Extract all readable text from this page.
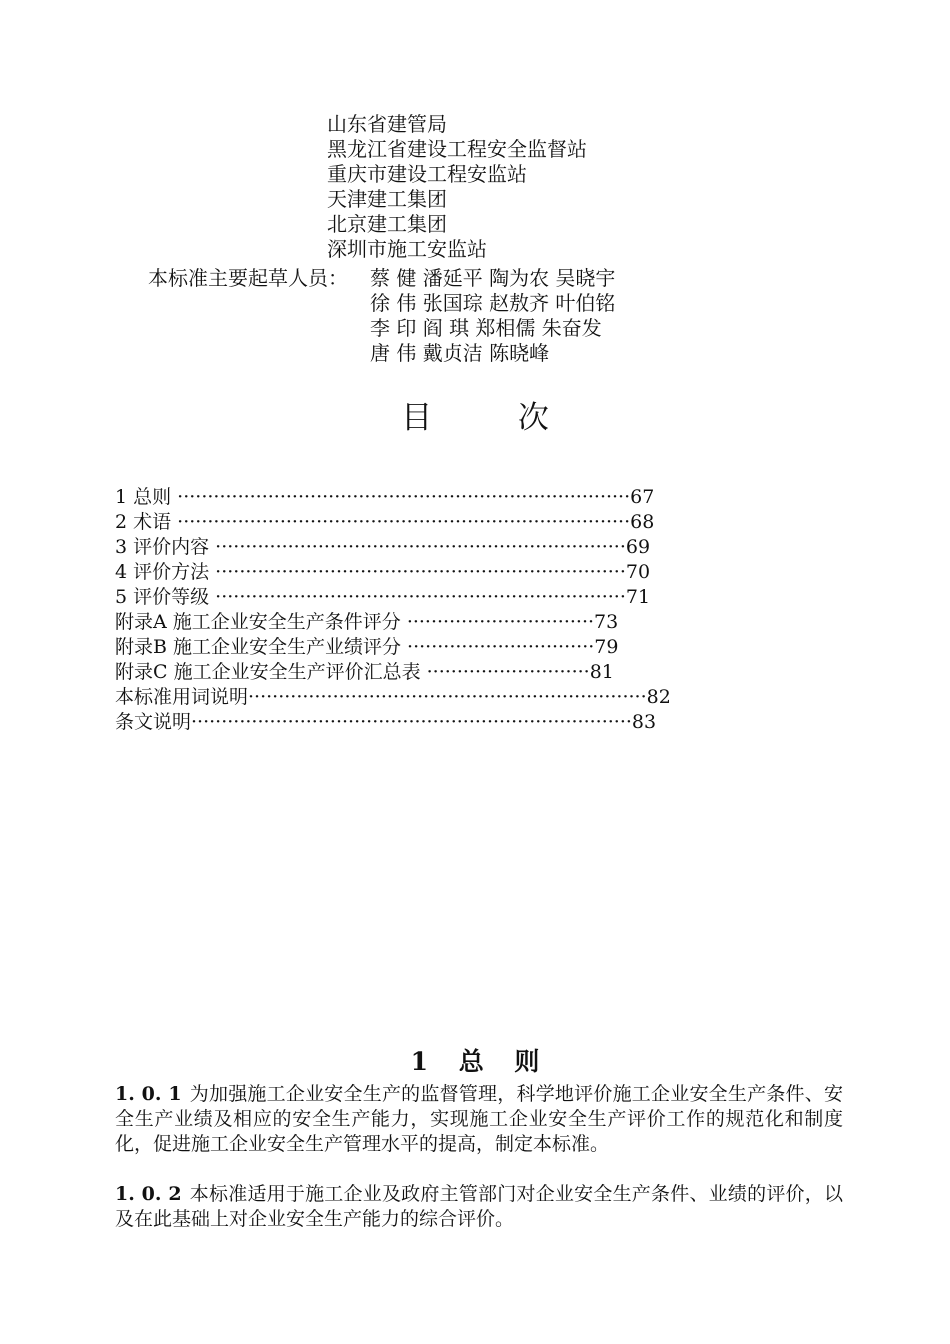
山东省建管局
黑龙江省建设工程安全监督站
重庆市建设工程安监站
天津建工集团
北京建工集团
深圳市施工安监站
本标准主要起草人员： 蔡 健 潘延平 陶为农 吴晓宇
徐 伟 张国琮 赵敖齐 叶伯铭
李 印 阎 琪 郑相儒 朱奋发
唐 伟 戴贞洁 陈晓峰
目 次
1 总则 ···········································································67
2 术语 ···········································································68
3 评价内容 ····································································69
4 评价方法 ····································································70
5 评价等级 ····································································71
附录A 施工企业安全生产条件评分 ·······························73
附录B 施工企业安全生产业绩评分 ·······························79
附录C 施工企业安全生产评价汇总表 ···························81
本标准用词说明··································································82
条文说明·········································································83
1 总 则
1. 0. 1 为加强施工企业安全生产的监督管理，科学地评价施工企业安全生产条件、安全生产业绩及相应的安全生产能力，实现施工企业安全生产评价工作的规范化和制度化，促进施工企业安全生产管理水平的提高，制定本标准。
1. 0. 2 本标准适用于施工企业及政府主管部门对企业安全生产条件、业绩的评价，以及在此基础上对企业安全生产能力的综合评价。
